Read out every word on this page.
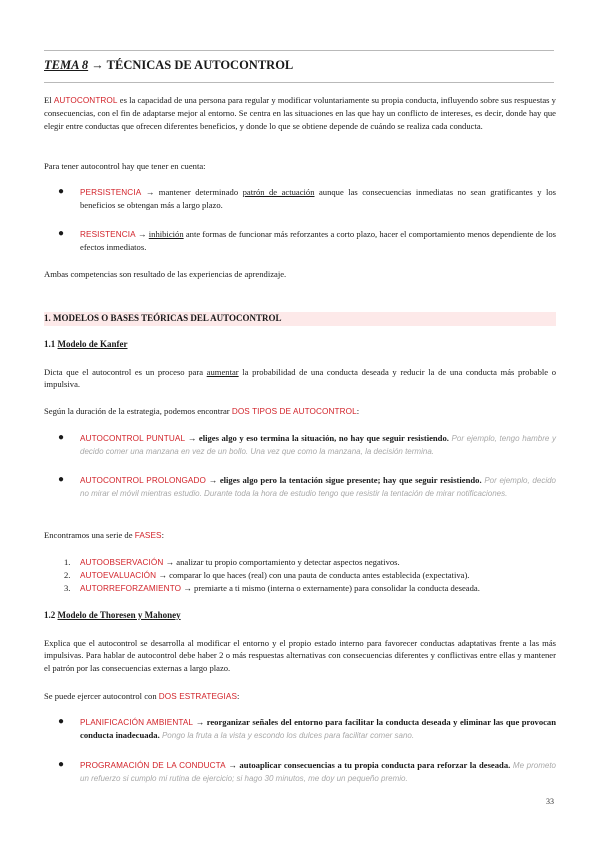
TEMA 8 → TÉCNICAS DE AUTOCONTROL
El AUTOCONTROL es la capacidad de una persona para regular y modificar voluntariamente su propia conducta, influyendo sobre sus respuestas y consecuencias, con el fin de adaptarse mejor al entorno. Se centra en las situaciones en las que hay un conflicto de intereses, es decir, donde hay que elegir entre conductas que ofrecen diferentes beneficios, y donde lo que se obtiene depende de cuándo se realiza cada conducta.
Para tener autocontrol hay que tener en cuenta:
● PERSISTENCIA → mantener determinado patrón de actuación aunque las consecuencias inmediatas no sean gratificantes y los beneficios se obtengan más a largo plazo.
● RESISTENCIA → inhibición ante formas de funcionar más reforzantes a corto plazo, hacer el comportamiento menos dependiente de los efectos inmediatos.
Ambas competencias son resultado de las experiencias de aprendizaje.
1. MODELOS O BASES TEÓRICAS DEL AUTOCONTROL
1.1 Modelo de Kanfer
Dicta que el autocontrol es un proceso para aumentar la probabilidad de una conducta deseada y reducir la de una conducta más probable o impulsiva.
Según la duración de la estrategia, podemos encontrar DOS TIPOS DE AUTOCONTROL:
● AUTOCONTROL PUNTUAL → eliges algo y eso termina la situación, no hay que seguir resistiendo. Por ejemplo, tengo hambre y decido comer una manzana en vez de un bollo. Una vez que como la manzana, la decisión termina.
● AUTOCONTROL PROLONGADO → eliges algo pero la tentación sigue presente; hay que seguir resistiendo. Por ejemplo, decido no mirar el móvil mientras estudio. Durante toda la hora de estudio tengo que resistir la tentación de mirar notificaciones.
Encontramos una serie de FASES:
1. AUTOOBSERVACIÓN → analizar tu propio comportamiento y detectar aspectos negativos.
2. AUTOEVALUACIÓN → comparar lo que haces (real) con una pauta de conducta antes establecida (expectativa).
3. AUTORREFORZAMIENTO → premiarte a ti mismo (interna o externamente) para consolidar la conducta deseada.
1.2 Modelo de Thoresen y Mahoney
Explica que el autocontrol se desarrolla al modificar el entorno y el propio estado interno para favorecer conductas adaptativas frente a las más impulsivas. Para hablar de autocontrol debe haber 2 o más respuestas alternativas con consecuencias diferentes y conflictivas entre ellas y mantener el patrón por las consecuencias externas a largo plazo.
Se puede ejercer autocontrol con DOS ESTRATEGIAS:
● PLANIFICACIÓN AMBIENTAL → reorganizar señales del entorno para facilitar la conducta deseada y eliminar las que provocan conducta inadecuada. Pongo la fruta a la vista y escondo los dulces para facilitar comer sano.
● PROGRAMACIÓN DE LA CONDUCTA → autoaplicar consecuencias a tu propia conducta para reforzar la deseada. Me prometo un refuerzo si cumplo mi rutina de ejercicio; si hago 30 minutos, me doy un pequeño premio.
33
